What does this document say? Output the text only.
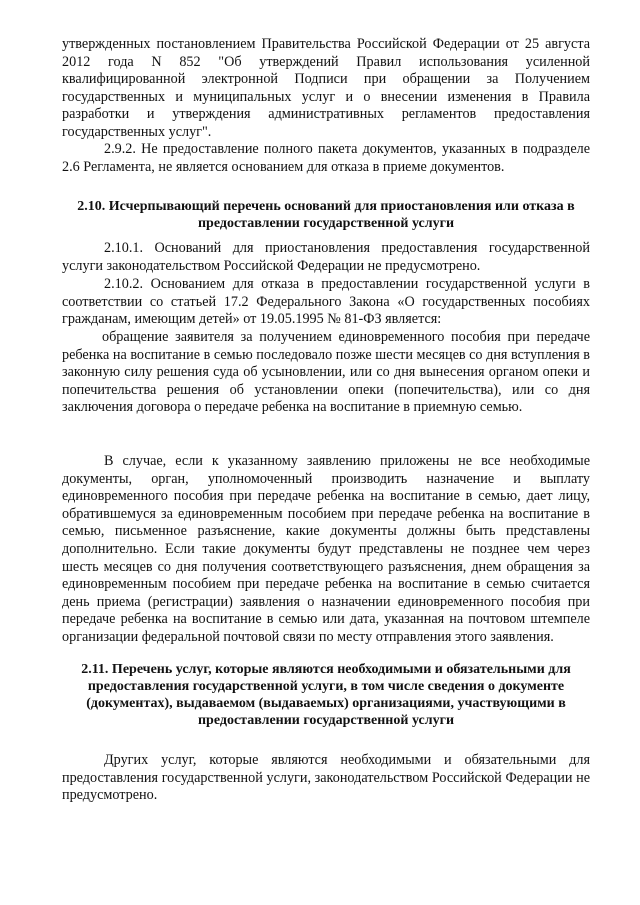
утвержденных постановлением Правительства Российской Федерации от 25 августа 2012 года N 852 "Об утверждений Правил использования усиленной квалифицированной электронной Подписи при обращении за Получением государственных и муниципальных услуг и о внесении изменения в Правила разработки и утверждения административных регламентов предоставления государственных услуг".

2.9.2. Не предоставление полного пакета документов, указанных в подразделе 2.6 Регламента, не является основанием для отказа в приеме документов.

2.10. Исчерпывающий перечень оснований для приостановления или отказа в предоставлении государственной услуги

2.10.1. Оснований для приостановления предоставления государственной услуги законодательством Российской Федерации не предусмотрено.

2.10.2. Основанием для отказа в предоставлении государственной услуги в соответствии со статьей 17.2 Федерального Закона «О государственных пособиях гражданам, имеющим детей» от 19.05.1995 № 81-ФЗ является:

обращение заявителя за получением единовременного пособия при передаче ребенка на воспитание в семью последовало позже шести месяцев со дня вступления в законную силу решения суда об усыновлении, или со дня вынесения органом опеки и попечительства решения об установлении опеки (попечительства), или со дня заключения договора о передаче ребенка на воспитание в приемную семью.

В случае, если к указанному заявлению приложены не все необходимые документы, орган, уполномоченный производить назначение и выплату единовременного пособия при передаче ребенка на воспитание в семью, дает лицу, обратившемуся за единовременным пособием при передаче ребенка на воспитание в семью, письменное разъяснение, какие документы должны быть представлены дополнительно. Если такие документы будут представлены не позднее чем через шесть месяцев со дня получения соответствующего разъяснения, днем обращения за единовременным пособием при передаче ребенка на воспитание в семью считается день приема (регистрации) заявления о назначении единовременного пособия при передаче ребенка на воспитание в семью или дата, указанная на почтовом штемпеле организации федеральной почтовой связи по месту отправления этого заявления.

2.11. Перечень услуг, которые являются необходимыми и обязательными для предоставления государственной услуги, в том числе сведения о документе (документах), выдаваемом (выдаваемых) организациями, участвующими в предоставлении государственной услуги

Других услуг, которые являются необходимыми и обязательными для предоставления государственной услуги, законодательством Российской Федерации не предусмотрено.
